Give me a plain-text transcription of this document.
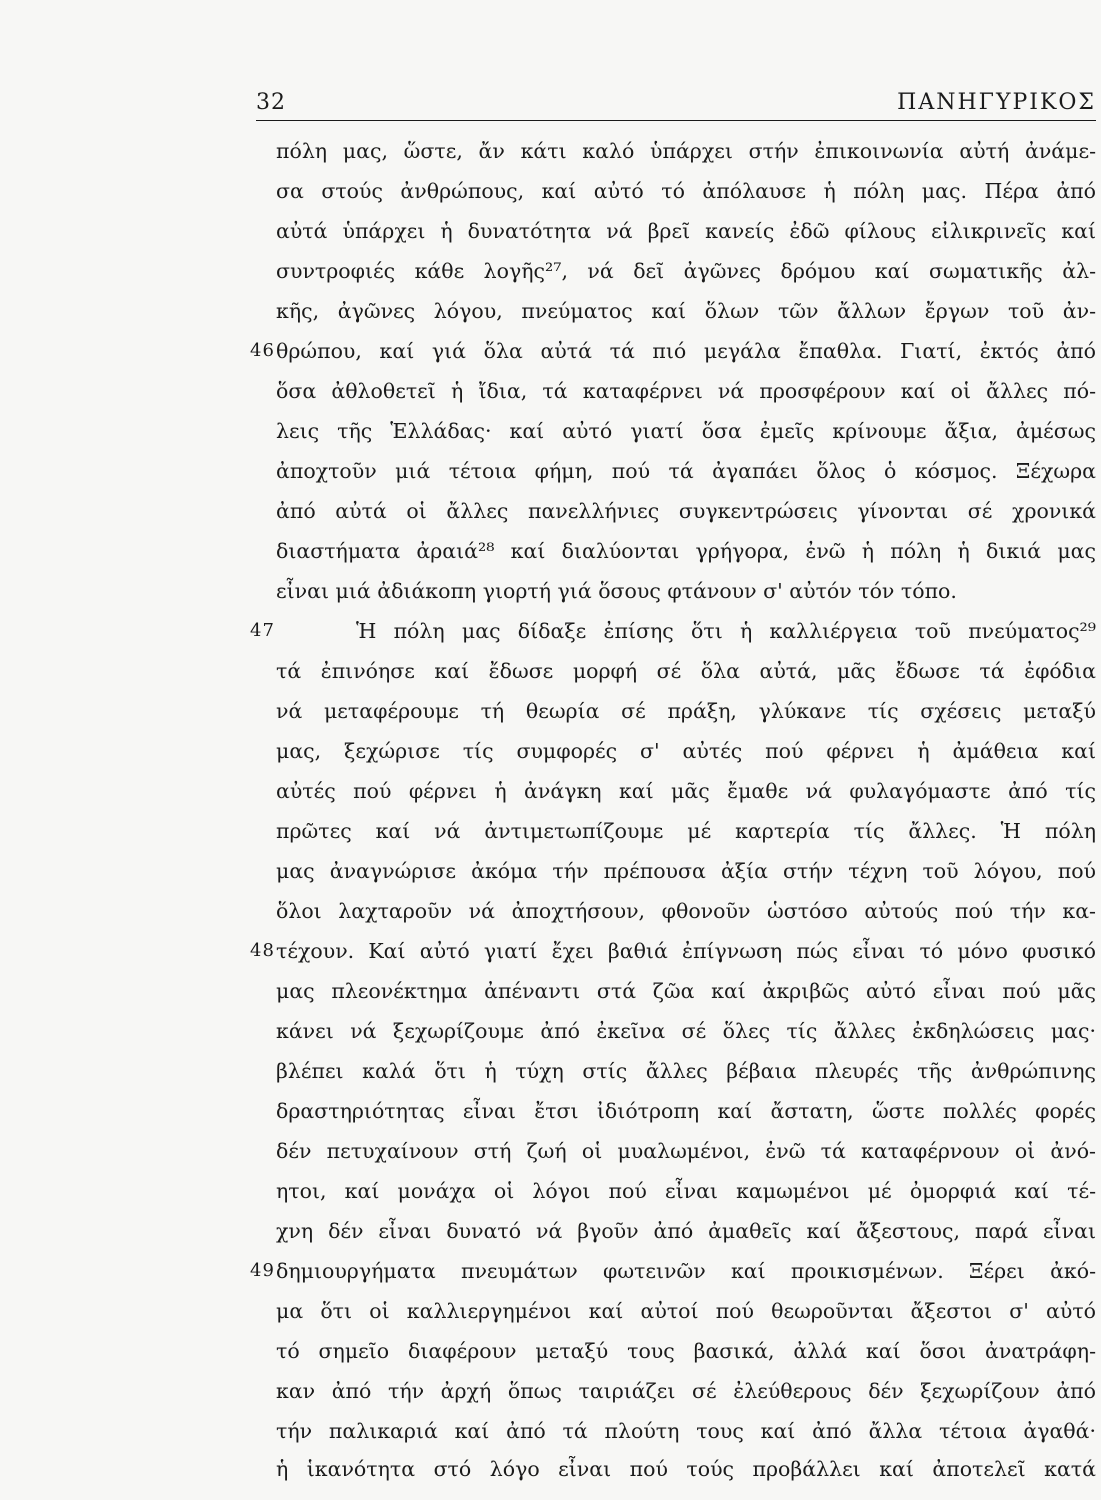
32	ΠΑΝΗΓΥΡΙΚΟΣ
πόλη μας, ὥστε, ἄν κάτι καλό ὑπάρχει στήν ἐπικοινωνία αὐτή ἀνάμε-
σα στούς ἀνθρώπους, καί αὐτό τό ἀπόλαυσε ἡ πόλη μας. Πέρα ἀπό
αὐτά ὑπάρχει ἡ δυνατότητα νά βρεῖ κανείς ἐδῶ φίλους εἰλικρινεῖς καί
συντροφιές κάθε λογῆς²⁷, νά δεῖ ἀγῶνες δρόμου καί σωματικῆς ἀλ-
κῆς, ἀγῶνες λόγου, πνεύματος καί ὅλων τῶν ἄλλων ἔργων τοῦ ἀν-
46 θρώπου, καί γιά ὅλα αὐτά τά πιό μεγάλα ἔπαθλα. Γιατί, ἐκτός ἀπό
ὅσα ἀθλοθετεῖ ἡ ἴδια, τά καταφέρνει νά προσφέρουν καί οἱ ἄλλες πό-
λεις τῆς Ἑλλάδας· καί αὐτό γιατί ὅσα ἐμεῖς κρίνουμε ἄξια, ἀμέσως
ἀποχτοῦν μιά τέτοια φήμη, πού τά ἀγαπάει ὅλος ὁ κόσμος. Ξέχωρα
ἀπό αὐτά οἱ ἄλλες πανελλήνιες συγκεντρώσεις γίνονται σέ χρονικά
διαστήματα ἀραιά²⁸ καί διαλύονται γρήγορα, ἐνῶ ἡ πόλη ἡ δικιά μας
εἶναι μιά ἀδιάκοπη γιορτή γιά ὅσους φτάνουν σ' αὐτόν τόν τόπο.
47	Ἡ πόλη μας δίδαξε ἐπίσης ὅτι ἡ καλλιέργεια τοῦ πνεύματος²⁹
τά ἐπινόησε καί ἔδωσε μορφή σέ ὅλα αὐτά, μᾶς ἔδωσε τά ἐφόδια
νά μεταφέρουμε τή θεωρία σέ πράξη, γλύκανε τίς σχέσεις μεταξύ
μας, ξεχώρισε τίς συμφορές σ' αὐτές πού φέρνει ἡ ἀμάθεια καί
αὐτές πού φέρνει ἡ ἀνάγκη καί μᾶς ἔμαθε νά φυλαγόμαστε ἀπό τίς
πρῶτες καί νά ἀντιμετωπίζουμε μέ καρτερία τίς ἄλλες. Ἡ πόλη
μας ἀναγνώρισε ἀκόμα τήν πρέπουσα ἀξία στήν τέχνη τοῦ λόγου, πού
ὅλοι λαχταροῦν νά ἀποχτήσουν, φθονοῦν ὡστόσο αὐτούς πού τήν κα-
48 τέχουν. Καί αὐτό γιατί ἔχει βαθιά ἐπίγνωση πώς εἶναι τό μόνο φυσικό
μας πλεονέκτημα ἀπέναντι στά ζῶα καί ἀκριβῶς αὐτό εἶναι πού μᾶς
κάνει νά ξεχωρίζουμε ἀπό ἐκεῖνα σέ ὅλες τίς ἄλλες ἐκδηλώσεις μας·
βλέπει καλά ὅτι ἡ τύχη στίς ἄλλες βέβαια πλευρές τῆς ἀνθρώπινης
δραστηριότητας εἶναι ἔτσι ἰδιότροπη καί ἄστατη, ὥστε πολλές φορές
δέν πετυχαίνουν στή ζωή οἱ μυαλωμένοι, ἐνῶ τά καταφέρνουν οἱ ἀνό-
ητοι, καί μονάχα οἱ λόγοι πού εἶναι καμωμένοι μέ ὀμορφιά καί τέ-
χνη δέν εἶναι δυνατό νά βγοῦν ἀπό ἀμαθεῖς καί ἄξεστους, παρά εἶναι
49 δημιουργήματα πνευμάτων φωτεινῶν καί προικισμένων. Ξέρει ἀκό-
μα ὅτι οἱ καλλιεργημένοι καί αὐτοί πού θεωροῦνται ἄξεστοι σ' αὐτό
τό σημεῖο διαφέρουν μεταξύ τους βασικά, ἀλλά καί ὅσοι ἀνατράφη-
καν ἀπό τήν ἀρχή ὅπως ταιριάζει σέ ἐλεύθερους δέν ξεχωρίζουν ἀπό
τήν παλικαριά καί ἀπό τά πλούτη τους καί ἀπό ἄλλα τέτοια ἀγαθά·
ἡ ἱκανότητα στό λόγο εἶναι πού τούς προβάλλει καί ἀποτελεῖ κατά
